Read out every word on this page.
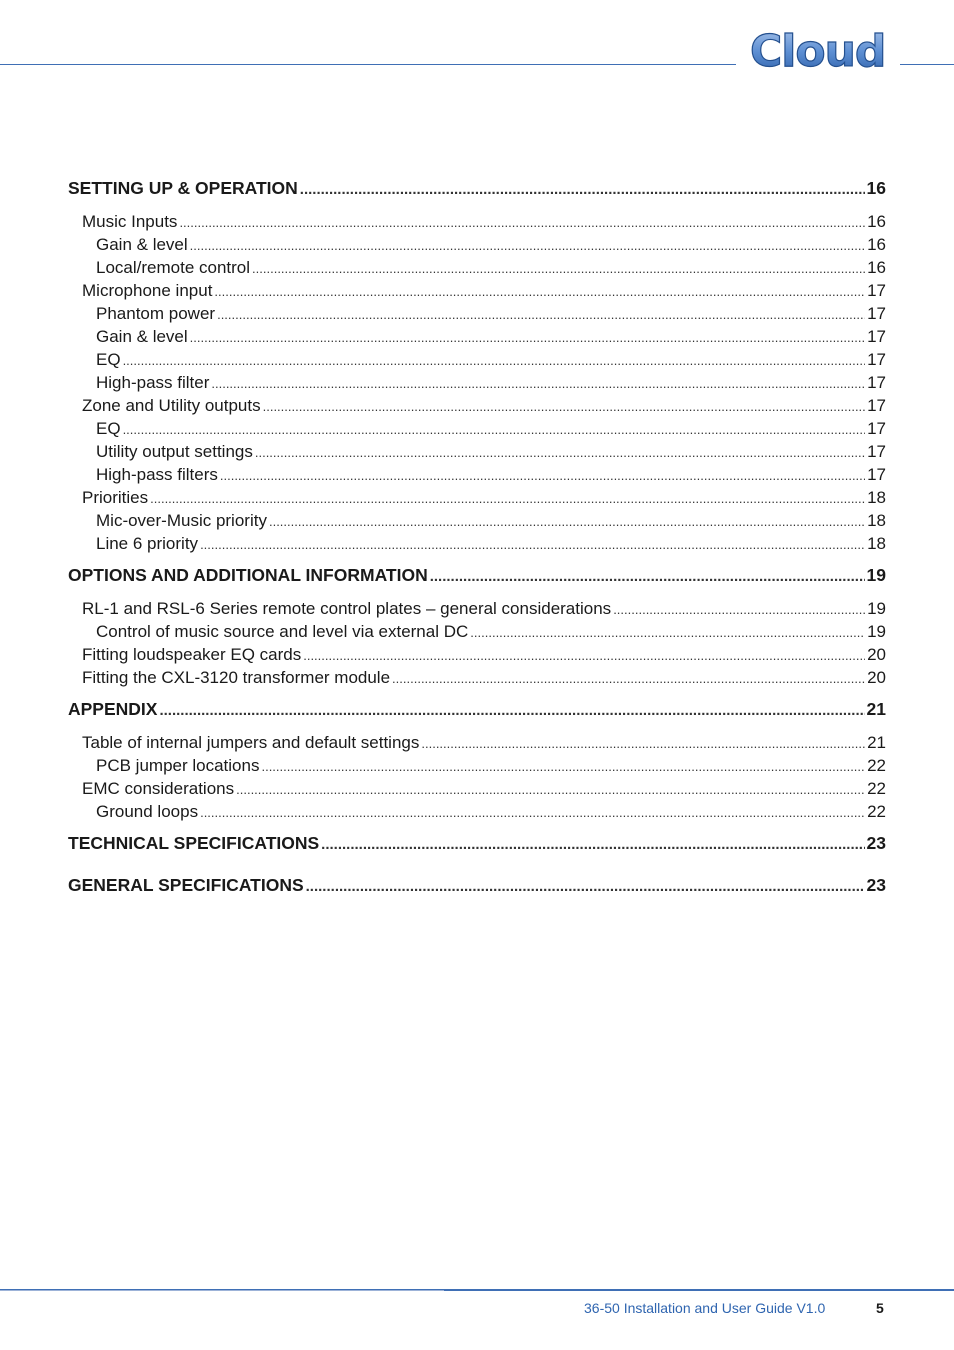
Cloud
SETTING UP & OPERATION .....	16
Music Inputs .....	16
Gain & level .....	16
Local/remote control .....	16
Microphone input .....	17
Phantom power .....	17
Gain & level .....	17
EQ .....	17
High-pass filter .....	17
Zone and Utility outputs .....	17
EQ .....	17
Utility output settings .....	17
High-pass filters .....	17
Priorities .....	18
Mic-over-Music priority .....	18
Line 6 priority .....	18
OPTIONS AND ADDITIONAL INFORMATION .....	19
RL-1 and RSL-6 Series remote control plates – general considerations .....	19
Control of music source and level via external DC .....	19
Fitting loudspeaker EQ cards .....	20
Fitting the CXL-3120 transformer module .....	20
APPENDIX .....	21
Table of internal jumpers and default settings .....	21
PCB jumper locations .....	22
EMC considerations .....	22
Ground loops .....	22
TECHNICAL SPECIFICATIONS .....	23
GENERAL SPECIFICATIONS .....	23
36-50 Installation and User Guide V1.0	5
